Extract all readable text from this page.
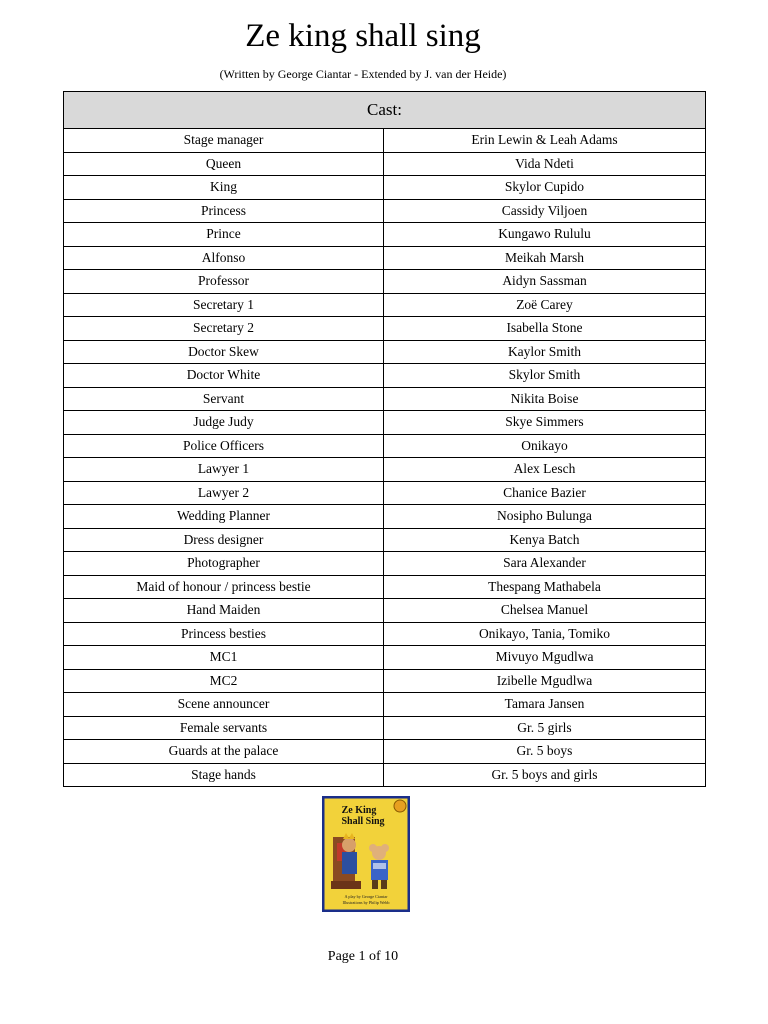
Ze king shall sing
(Written by George Ciantar - Extended by J. van der Heide)
Cast:	
Stage manager	Erin Lewin & Leah Adams
Queen	Vida Ndeti
King	Skylor Cupido
Princess	Cassidy Viljoen
Prince	Kungawo Rululu
Alfonso	Meikah Marsh
Professor	Aidyn Sassman
Secretary 1	Zoë Carey
Secretary 2	Isabella Stone
Doctor Skew	Kaylor Smith
Doctor White	Skylor Smith
Servant	Nikita Boise
Judge Judy	Skye Simmers
Police Officers	Onikayo
Lawyer 1	Alex Lesch
Lawyer 2	Chanice Bazier
Wedding Planner	Nosipho Bulunga
Dress designer	Kenya Batch
Photographer	Sara Alexander
Maid of honour / princess bestie	Thespang Mathabela
Hand Maiden	Chelsea Manuel
Princess besties	Onikayo, Tania, Tomiko
MC1	Mivuyo Mgudlwa
MC2	Izibelle Mgudlwa
Scene announcer	Tamara Jansen
Female servants	Gr. 5 girls
Guards at the palace	Gr. 5 boys
Stage hands	Gr. 5 boys and girls
Ze King
Shall Sing
A play by George Ciantar
Illustrations by Philip Webb
Page 1 of 10
